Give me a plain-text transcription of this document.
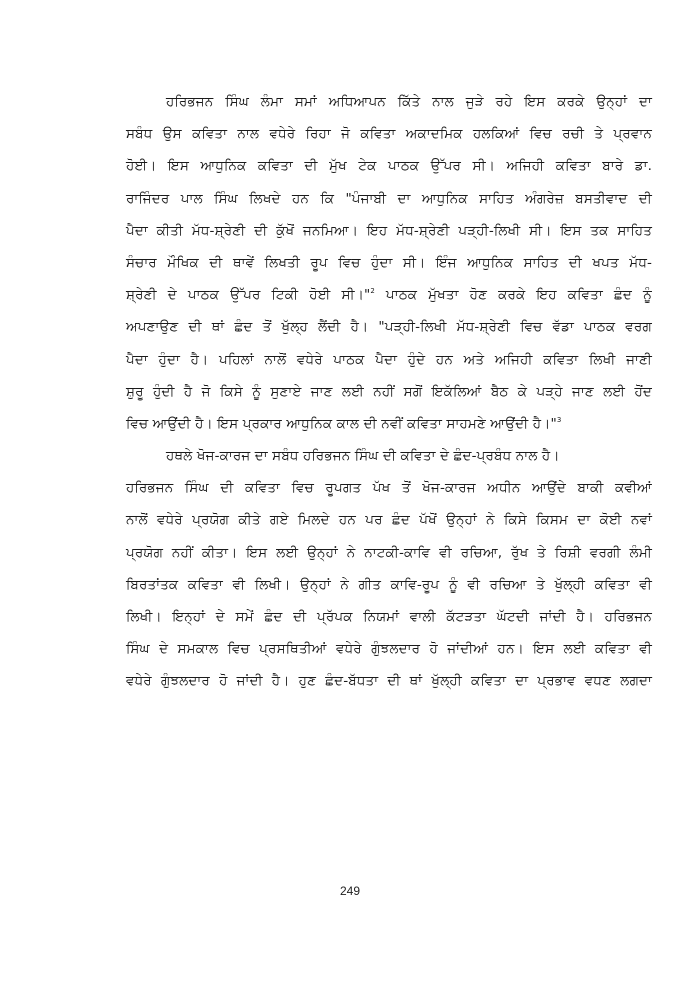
ਹਰਿਭਜਨ ਸਿੰਘ ਲੰਮਾ ਸਮਾਂ ਅਧਿਆਪਨ ਕਿੱਤੇ ਨਾਲ ਜੁੜੇ ਰਹੇ ਇਸ ਕਰਕੇ ਉਨ੍ਹਾਂ ਦਾ
ਸਬੰਧ ਉਸ ਕਵਿਤਾ ਨਾਲ ਵਧੇਰੇ ਰਿਹਾ ਜੋ ਕਵਿਤਾ ਅਕਾਦਮਿਕ ਹਲਕਿਆਂ ਵਿਚ ਰਚੀ ਤੇ ਪ੍ਰਵਾਨ
ਹੋਈ। ਇਸ ਆਧੁਨਿਕ ਕਵਿਤਾ ਦੀ ਮੁੱਖ ਟੇਕ ਪਾਠਕ ਉੱਪਰ ਸੀ। ਅਜਿਹੀ ਕਵਿਤਾ ਬਾਰੇ ਡਾ.
ਰਾਜਿੰਦਰ ਪਾਲ ਸਿੰਘ ਲਿਖਦੇ ਹਨ ਕਿ "ਪੰਜਾਬੀ ਦਾ ਆਧੁਨਿਕ ਸਾਹਿਤ ਅੰਗਰੇਜ਼ ਬਸਤੀਵਾਦ ਦੀ
ਪੈਦਾ ਕੀਤੀ ਮੱਧ-ਸ਼੍ਰੇਣੀ ਦੀ ਕੁੱਖੋਂ ਜਨਮਿਆ। ਇਹ ਮੱਧ-ਸ਼੍ਰੇਣੀ ਪੜ੍ਹੀ-ਲਿਖੀ ਸੀ। ਇਸ ਤਕ ਸਾਹਿਤ
ਸੰਚਾਰ ਮੌਖਿਕ ਦੀ ਥਾਵੇਂ ਲਿਖਤੀ ਰੂਪ ਵਿਚ ਹੁੰਦਾ ਸੀ। ਇੰਜ ਆਧੁਨਿਕ ਸਾਹਿਤ ਦੀ ਖਪਤ ਮੱਧ-
ਸ਼੍ਰੇਣੀ ਦੇ ਪਾਠਕ ਉੱਪਰ ਟਿਕੀ ਹੋਈ ਸੀ।"$^2$ ਪਾਠਕ ਮੁੱਖਤਾ ਹੋਣ ਕਰਕੇ ਇਹ ਕਵਿਤਾ ਛੰਦ ਨੂੰ
ਅਪਣਾਉਣ ਦੀ ਥਾਂ ਛੰਦ ਤੋਂ ਖੁੱਲ੍ਹ ਲੈਂਦੀ ਹੈ। "ਪੜ੍ਹੀ-ਲਿਖੀ ਮੱਧ-ਸ਼੍ਰੇਣੀ ਵਿਚ ਵੱਡਾ ਪਾਠਕ ਵਰਗ
ਪੈਦਾ ਹੁੰਦਾ ਹੈ। ਪਹਿਲਾਂ ਨਾਲੋਂ ਵਧੇਰੇ ਪਾਠਕ ਪੈਦਾ ਹੁੰਦੇ ਹਨ ਅਤੇ ਅਜਿਹੀ ਕਵਿਤਾ ਲਿਖੀ ਜਾਣੀ
ਸ਼ੁਰੂ ਹੁੰਦੀ ਹੈ ਜੋ ਕਿਸੇ ਨੂੰ ਸੁਣਾਏ ਜਾਣ ਲਈ ਨਹੀਂ ਸਗੋਂ ਇਕੱਲਿਆਂ ਬੈਠ ਕੇ ਪੜ੍ਹੇ ਜਾਣ ਲਈ ਹੋਂਦ
ਵਿਚ ਆਉਂਦੀ ਹੈ। ਇਸ ਪ੍ਰਕਾਰ ਆਧੁਨਿਕ ਕਾਲ ਦੀ ਨਵੀਂ ਕਵਿਤਾ ਸਾਹਮਣੇ ਆਉਂਦੀ ਹੈ।"$^3$
ਹਥਲੇ ਖੋਜ-ਕਾਰਜ ਦਾ ਸਬੰਧ ਹਰਿਭਜਨ ਸਿੰਘ ਦੀ ਕਵਿਤਾ ਦੇ ਛੰਦ-ਪ੍ਰਬੰਧ ਨਾਲ ਹੈ।
ਹਰਿਭਜਨ ਸਿੰਘ ਦੀ ਕਵਿਤਾ ਵਿਚ ਰੂਪਗਤ ਪੱਖ ਤੋਂ ਖੋਜ-ਕਾਰਜ ਅਧੀਨ ਆਉਂਦੇ ਬਾਕੀ ਕਵੀਆਂ
ਨਾਲੋਂ ਵਧੇਰੇ ਪ੍ਰਯੋਗ ਕੀਤੇ ਗਏ ਮਿਲਦੇ ਹਨ ਪਰ ਛੰਦ ਪੱਖੋਂ ਉਨ੍ਹਾਂ ਨੇ ਕਿਸੇ ਕਿਸਮ ਦਾ ਕੋਈ ਨਵਾਂ
ਪ੍ਰਯੋਗ ਨਹੀਂ ਕੀਤਾ। ਇਸ ਲਈ ਉਨ੍ਹਾਂ ਨੇ ਨਾਟਕੀ-ਕਾਵਿ ਵੀ ਰਚਿਆ, ਰੁੱਖ ਤੇ ਰਿਸ਼ੀ ਵਰਗੀ ਲੰਮੀ
ਬਿਰਤਾਂਤਕ ਕਵਿਤਾ ਵੀ ਲਿਖੀ। ਉਨ੍ਹਾਂ ਨੇ ਗੀਤ ਕਾਵਿ-ਰੂਪ ਨੂੰ ਵੀ ਰਚਿਆ ਤੇ ਖੁੱਲ੍ਹੀ ਕਵਿਤਾ ਵੀ
ਲਿਖੀ। ਇਨ੍ਹਾਂ ਦੇ ਸਮੇਂ ਛੰਦ ਦੀ ਪ੍ਰੱਪਕ ਨਿਯਮਾਂ ਵਾਲੀ ਕੱਟੜਤਾ ਘੱਟਦੀ ਜਾਂਦੀ ਹੈ। ਹਰਿਭਜਨ
ਸਿੰਘ ਦੇ ਸਮਕਾਲ ਵਿਚ ਪ੍ਰਸਥਿਤੀਆਂ ਵਧੇਰੇ ਗੁੰਝਲਦਾਰ ਹੋ ਜਾਂਦੀਆਂ ਹਨ। ਇਸ ਲਈ ਕਵਿਤਾ ਵੀ
ਵਧੇਰੇ ਗੁੰਝਲਦਾਰ ਹੋ ਜਾਂਦੀ ਹੈ। ਹੁਣ ਛੰਦ-ਬੱਧਤਾ ਦੀ ਥਾਂ ਖੁੱਲ੍ਹੀ ਕਵਿਤਾ ਦਾ ਪ੍ਰਭਾਵ ਵਧਣ ਲਗਦਾ
249
